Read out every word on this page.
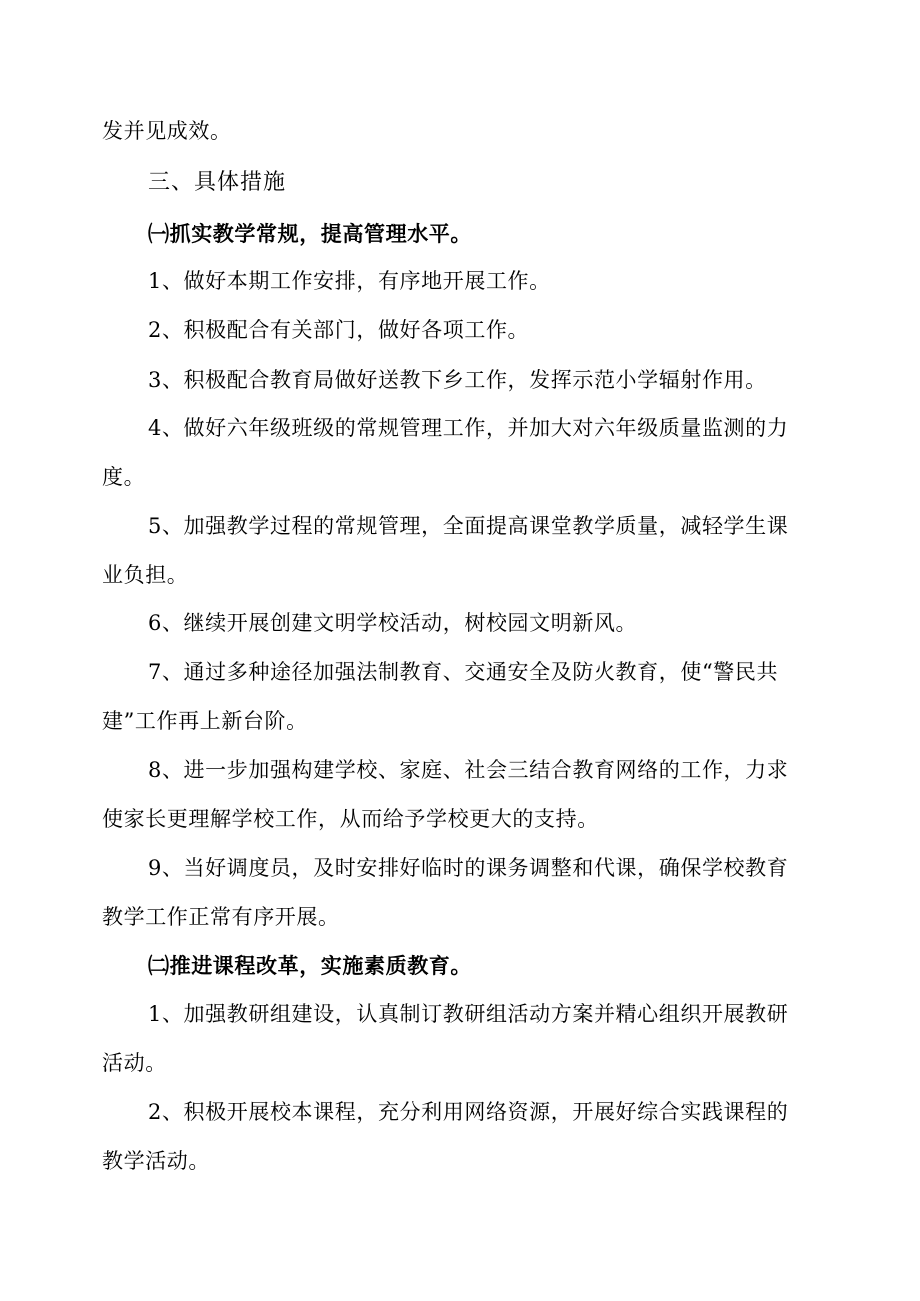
发并见成效。
三、具体措施
㈠抓实教学常规，提高管理水平。
1、做好本期工作安排，有序地开展工作。
2、积极配合有关部门，做好各项工作。
3、积极配合教育局做好送教下乡工作，发挥示范小学辐射作用。
4、做好六年级班级的常规管理工作，并加大对六年级质量监测的力
度。
5、加强教学过程的常规管理，全面提高课堂教学质量，减轻学生课
业负担。
6、继续开展创建文明学校活动，树校园文明新风。
7、通过多种途径加强法制教育、交通安全及防火教育，使“警民共
建”工作再上新台阶。
8、进一步加强构建学校、家庭、社会三结合教育网络的工作，力求
使家长更理解学校工作，从而给予学校更大的支持。
9、当好调度员，及时安排好临时的课务调整和代课，确保学校教育
教学工作正常有序开展。
㈡推进课程改革，实施素质教育。
1、加强教研组建设，认真制订教研组活动方案并精心组织开展教研
活动。
2、积极开展校本课程，充分利用网络资源，开展好综合实践课程的
教学活动。
